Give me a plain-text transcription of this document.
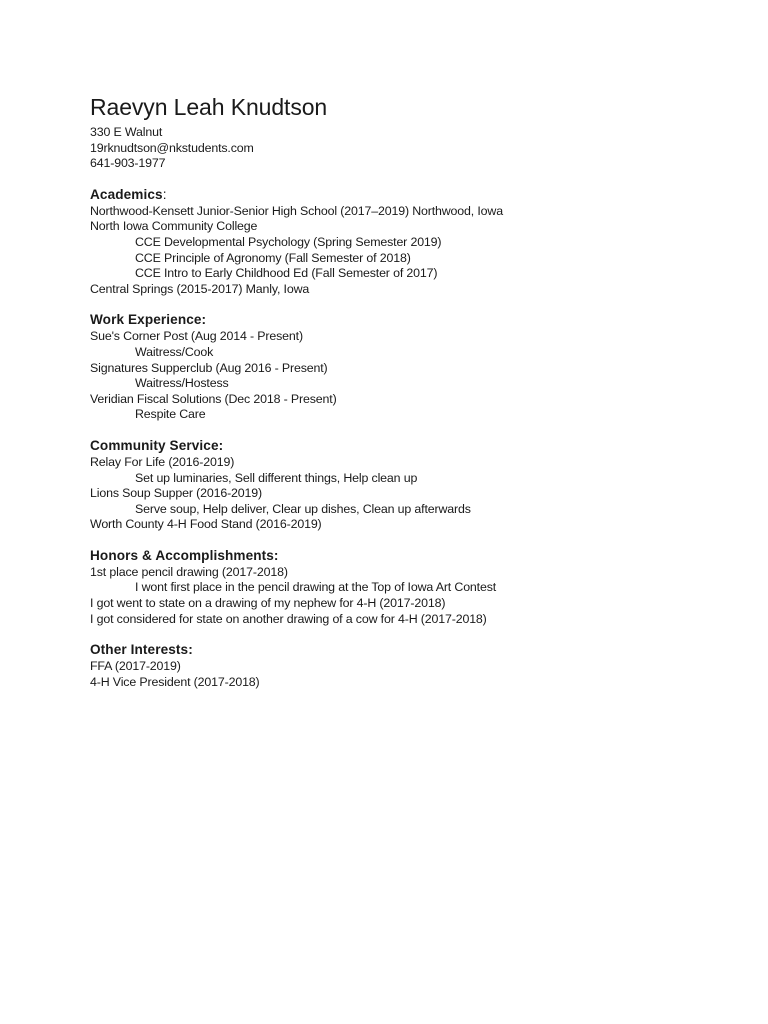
Raevyn Leah Knudtson
330 E Walnut
19rknudtson@nkstudents.com
641-903-1977
Academics:
Northwood-Kensett Junior-Senior High School (2017–2019) Northwood, Iowa
North Iowa Community College
CCE Developmental Psychology (Spring Semester 2019)
CCE Principle of Agronomy (Fall Semester of 2018)
CCE Intro to Early Childhood Ed (Fall Semester of 2017)
Central Springs (2015-2017) Manly, Iowa
Work Experience:
Sue's Corner Post (Aug 2014 - Present)
Waitress/Cook
Signatures Supperclub (Aug 2016 - Present)
Waitress/Hostess
Veridian Fiscal Solutions (Dec 2018 - Present)
Respite Care
Community Service:
Relay For Life (2016-2019)
Set up luminaries, Sell different things, Help clean up
Lions Soup Supper (2016-2019)
Serve soup, Help deliver, Clear up dishes, Clean up afterwards
Worth County 4-H Food Stand (2016-2019)
Honors & Accomplishments:
1st place pencil drawing (2017-2018)
I wont first place in the pencil drawing at the Top of Iowa Art Contest
I got went to state on a drawing of my nephew for 4-H (2017-2018)
I got considered for state on another drawing of a cow for 4-H (2017-2018)
Other Interests:
FFA (2017-2019)
4-H Vice President (2017-2018)
